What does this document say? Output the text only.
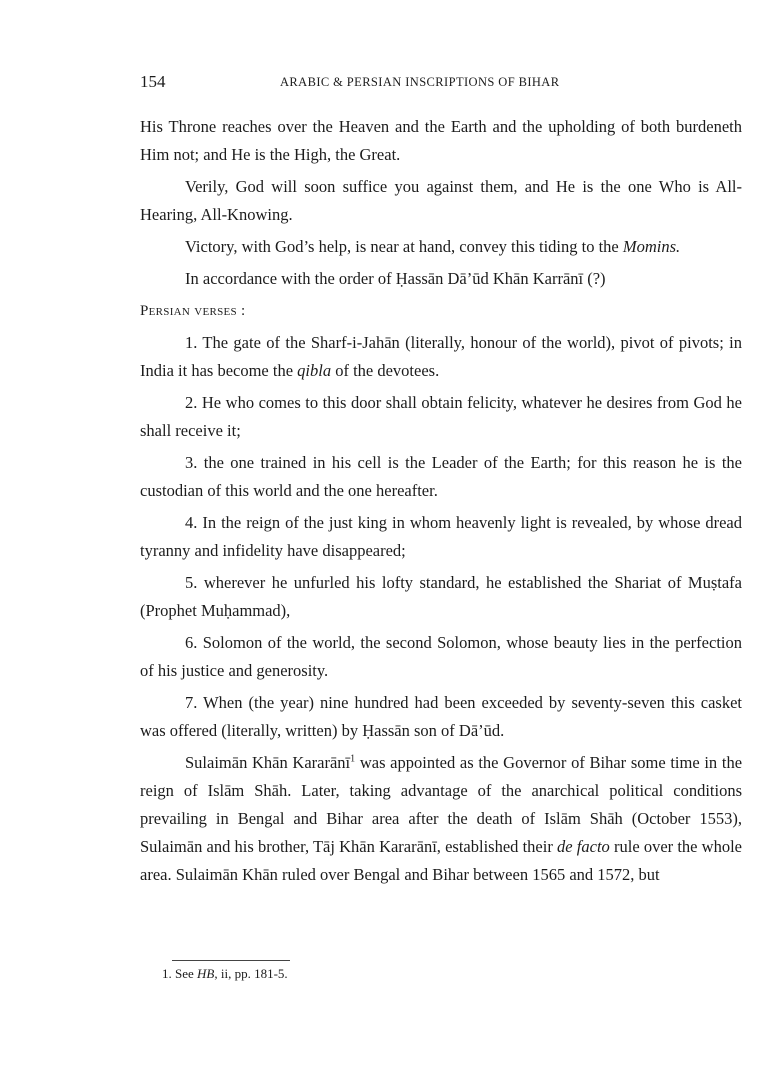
154	ARABIC & PERSIAN INSCRIPTIONS OF BIHAR

His Throne reaches over the Heaven and the Earth and the upholding of both burdeneth Him not; and He is the High, the Great.

Verily, God will soon suffice you against them, and He is the one Who is All-Hearing, All-Knowing.

Victory, with God’s help, is near at hand, convey this tiding to the Momins.

In accordance with the order of Ḥassān Dā’ūd Khān Karrānī (?)

Persian verses :

1. The gate of the Sharf-i-Jahān (literally, honour of the world), pivot of pivots; in India it has become the qibla of the devotees.

2. He who comes to this door shall obtain felicity, whatever he desires from God he shall receive it;

3. the one trained in his cell is the Leader of the Earth; for this reason he is the custodian of this world and the one hereafter.

4. In the reign of the just king in whom heavenly light is revealed, by whose dread tyranny and infidelity have disappeared;

5. wherever he unfurled his lofty standard, he established the Shariat of Muṣtafa (Prophet Muḥammad),

6. Solomon of the world, the second Solomon, whose beauty lies in the perfection of his justice and generosity.

7. When (the year) nine hundred had been exceeded by seventy-seven this casket was offered (literally, written) by Ḥassān son of Dā’ūd.

Sulaimān Khān Kararānī$^1$ was appointed as the Governor of Bihar some time in the reign of Islām Shāh. Later, taking advantage of the anarchical political conditions prevailing in Bengal and Bihar area after the death of Islām Shāh (October 1553), Sulaimān and his brother, Tāj Khān Kararānī, established their de facto rule over the whole area. Sulaimān Khān ruled over Bengal and Bihar between 1565 and 1572, but

1. See HB, ii, pp. 181-5.
